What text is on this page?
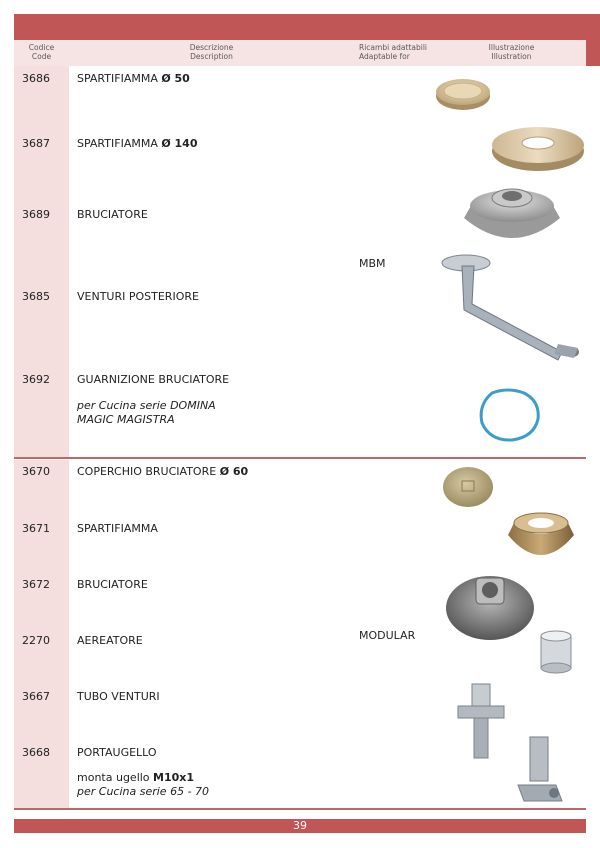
Codice
Code
Descrizione
Description
Ricambi adattabili
Adaptable for
Illustrazione
Illustration
3686 SPARTIFIAMMA Ø 50
3687 SPARTIFIAMMA Ø 140
3689 BRUCIATORE
MBM
3685 VENTURI POSTERIORE
3692 GUARNIZIONE BRUCIATORE
per Cucina serie DOMINA
MAGIC MAGISTRA
3670 COPERCHIO BRUCIATORE Ø 60
3671 SPARTIFIAMMA
3672 BRUCIATORE
MODULAR
2270 AEREATORE
3667 TUBO VENTURI
3668 PORTAUGELLO
monta ugello M10x1
per Cucina serie 65 - 70
39
